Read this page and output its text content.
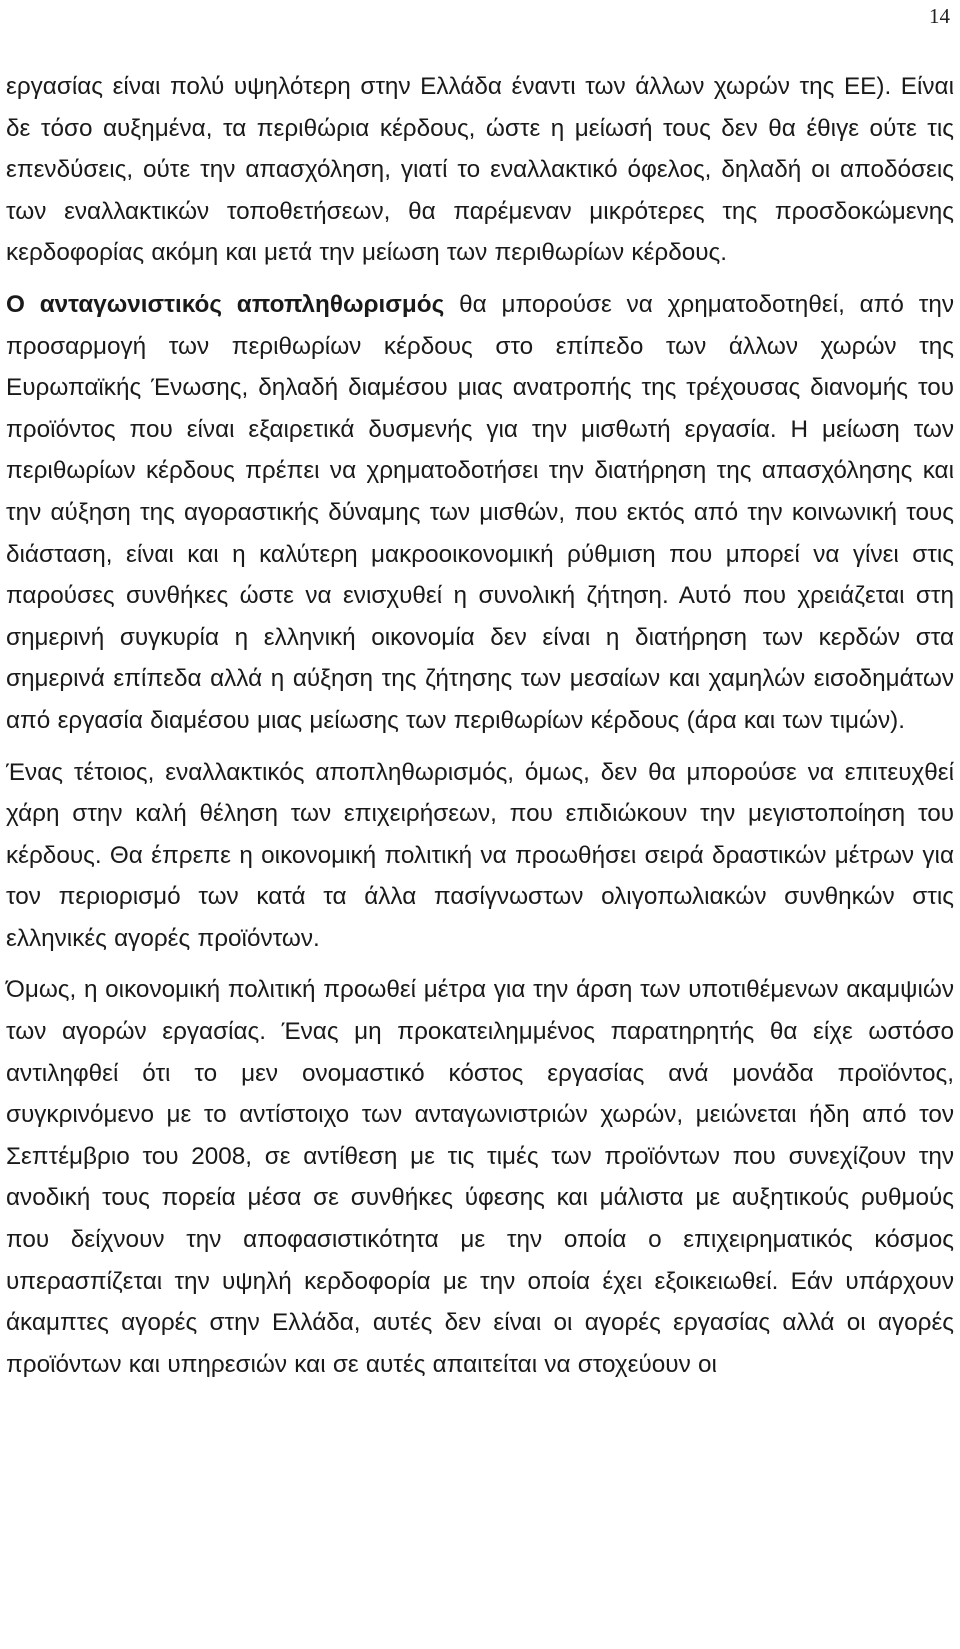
14

εργασίας είναι πολύ υψηλότερη στην Ελλάδα έναντι των άλλων χωρών της ΕΕ). Είναι δε τόσο αυξημένα, τα περιθώρια κέρδους, ώστε η μείωσή τους δεν θα έθιγε ούτε τις επενδύσεις, ούτε την απασχόληση, γιατί το εναλλακτικό όφελος, δηλαδή οι αποδόσεις των εναλλακτικών τοποθετήσεων, θα παρέμεναν μικρότερες της προσδοκώμενης κερδοφορίας ακόμη και μετά την μείωση των περιθωρίων κέρδους.

Ο ανταγωνιστικός αποπληθωρισμός θα μπορούσε να χρηματοδοτηθεί, από την προσαρμογή των περιθωρίων κέρδους στο επίπεδο των άλλων χωρών της Ευρωπαϊκής Ένωσης, δηλαδή διαμέσου μιας ανατροπής της τρέχουσας διανομής του προϊόντος που είναι εξαιρετικά δυσμενής για την μισθωτή εργασία. Η μείωση των περιθωρίων κέρδους πρέπει να χρηματοδοτήσει την διατήρηση της απασχόλησης και την αύξηση της αγοραστικής δύναμης των μισθών, που εκτός από την κοινωνική τους διάσταση, είναι και η καλύτερη μακροοικονομική ρύθμιση που μπορεί να γίνει στις παρούσες συνθήκες ώστε να ενισχυθεί η συνολική ζήτηση. Αυτό που χρειάζεται στη σημερινή συγκυρία η ελληνική οικονομία δεν είναι η διατήρηση των κερδών στα σημερινά επίπεδα αλλά η αύξηση της ζήτησης των μεσαίων και χαμηλών εισοδημάτων από εργασία διαμέσου μιας μείωσης των περιθωρίων κέρδους (άρα και των τιμών).

Ένας τέτοιος, εναλλακτικός αποπληθωρισμός, όμως, δεν θα μπορούσε να επιτευχθεί χάρη στην καλή θέληση των επιχειρήσεων, που επιδιώκουν την μεγιστοποίηση του κέρδους. Θα έπρεπε η οικονομική πολιτική να προωθήσει σειρά δραστικών μέτρων για τον περιορισμό των κατά τα άλλα πασίγνωστων ολιγοπωλιακών συνθηκών στις ελληνικές αγορές προϊόντων.

Όμως, η οικονομική πολιτική προωθεί μέτρα για την άρση των υποτιθέμενων ακαμψιών των αγορών εργασίας. Ένας μη προκατειλημμένος παρατηρητής θα είχε ωστόσο αντιληφθεί ότι το μεν ονομαστικό κόστος εργασίας ανά μονάδα προϊόντος, συγκρινόμενο με το αντίστοιχο των ανταγωνιστριών χωρών, μειώνεται ήδη από τον Σεπτέμβριο του 2008, σε αντίθεση με τις τιμές των προϊόντων που συνεχίζουν την ανοδική τους πορεία μέσα σε συνθήκες ύφεσης και μάλιστα με αυξητικούς ρυθμούς που δείχνουν την αποφασιστικότητα με την οποία ο επιχειρηματικός κόσμος υπερασπίζεται την υψηλή κερδοφορία με την οποία έχει εξοικειωθεί. Εάν υπάρχουν άκαμπτες αγορές στην Ελλάδα, αυτές δεν είναι οι αγορές εργασίας αλλά οι αγορές προϊόντων και υπηρεσιών και σε αυτές απαιτείται να στοχεύουν οι
